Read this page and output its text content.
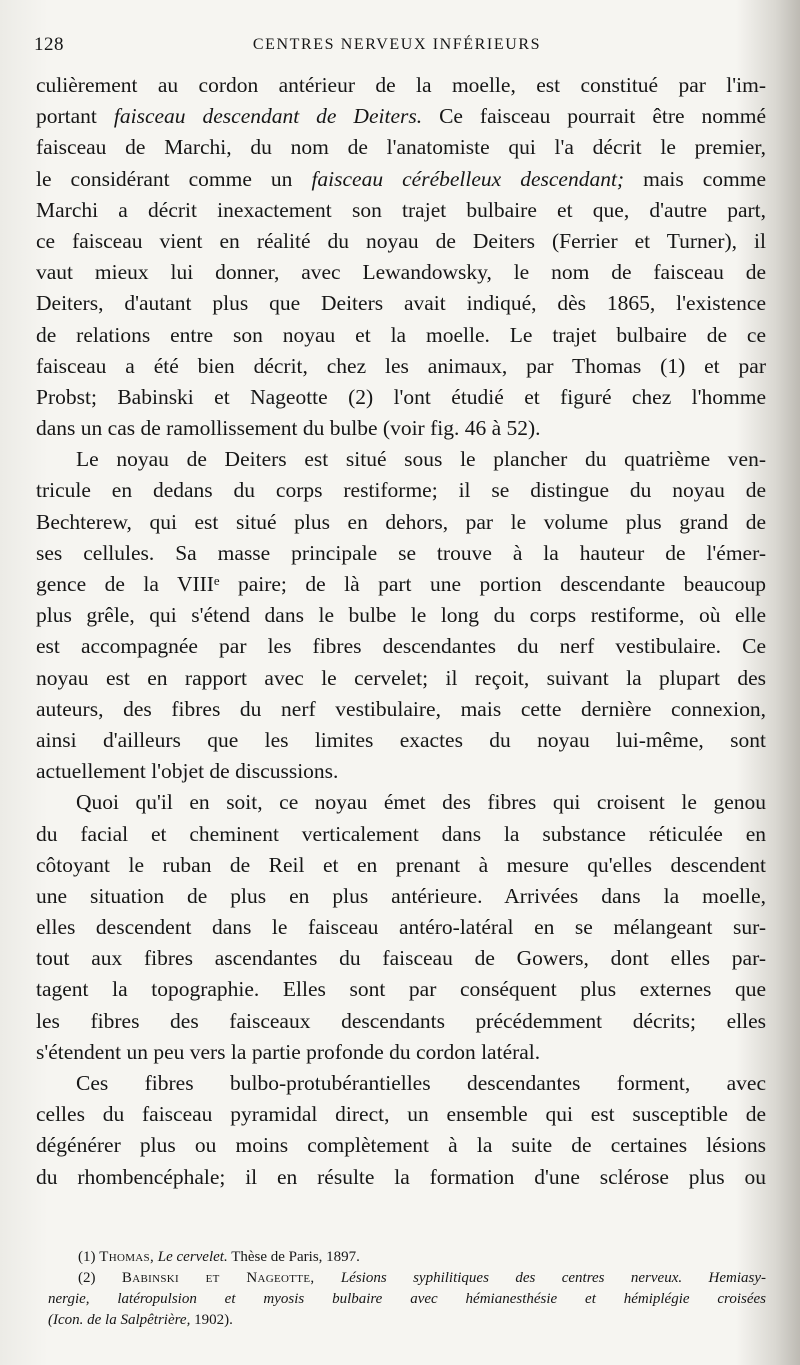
128	CENTRES NERVEUX INFÉRIEURS
culièrement au cordon antérieur de la moelle, est constitué par l'im-
portant faisceau descendant de Deiters. Ce faisceau pourrait être nommé
faisceau de Marchi, du nom de l'anatomiste qui l'a décrit le premier,
le considérant comme un faisceau cérébelleux descendant; mais comme
Marchi a décrit inexactement son trajet bulbaire et que, d'autre part,
ce faisceau vient en réalité du noyau de Deiters (Ferrier et Turner), il
vaut mieux lui donner, avec Lewandowsky, le nom de faisceau de
Deiters, d'autant plus que Deiters avait indiqué, dès 1865, l'existence
de relations entre son noyau et la moelle. Le trajet bulbaire de ce
faisceau a été bien décrit, chez les animaux, par Thomas (1) et par
Probst; Babinski et Nageotte (2) l'ont étudié et figuré chez l'homme
dans un cas de ramollissement du bulbe (voir fig. 46 à 52).
Le noyau de Deiters est situé sous le plancher du quatrième ven-
tricule en dedans du corps restiforme; il se distingue du noyau de
Bechterew, qui est situé plus en dehors, par le volume plus grand de
ses cellules. Sa masse principale se trouve à la hauteur de l'émer-
gence de la VIIIᵉ paire; de là part une portion descendante beaucoup
plus grêle, qui s'étend dans le bulbe le long du corps restiforme, où elle
est accompagnée par les fibres descendantes du nerf vestibulaire. Ce
noyau est en rapport avec le cervelet; il reçoit, suivant la plupart des
auteurs, des fibres du nerf vestibulaire, mais cette dernière connexion,
ainsi d'ailleurs que les limites exactes du noyau lui-même, sont
actuellement l'objet de discussions.
Quoi qu'il en soit, ce noyau émet des fibres qui croisent le genou
du facial et cheminent verticalement dans la substance réticulée en
côtoyant le ruban de Reil et en prenant à mesure qu'elles descendent
une situation de plus en plus antérieure. Arrivées dans la moelle,
elles descendent dans le faisceau antéro-latéral en se mélangeant sur-
tout aux fibres ascendantes du faisceau de Gowers, dont elles par-
tagent la topographie. Elles sont par conséquent plus externes que
les fibres des faisceaux descendants précédemment décrits; elles
s'étendent un peu vers la partie profonde du cordon latéral.
Ces fibres bulbo-protubérantielles descendantes forment, avec
celles du faisceau pyramidal direct, un ensemble qui est susceptible de
dégénérer plus ou moins complètement à la suite de certaines lésions
du rhombencéphale; il en résulte la formation d'une sclérose plus ou
(1) Thomas, Le cervelet. Thèse de Paris, 1897.
(2) Babinski et Nageotte, Lésions syphilitiques des centres nerveux. Hemiasy-
nergie, latéropulsion et myosis bulbaire avec hémianesthésie et hémiplégie croisées
(Icon. de la Salpêtrière, 1902).
